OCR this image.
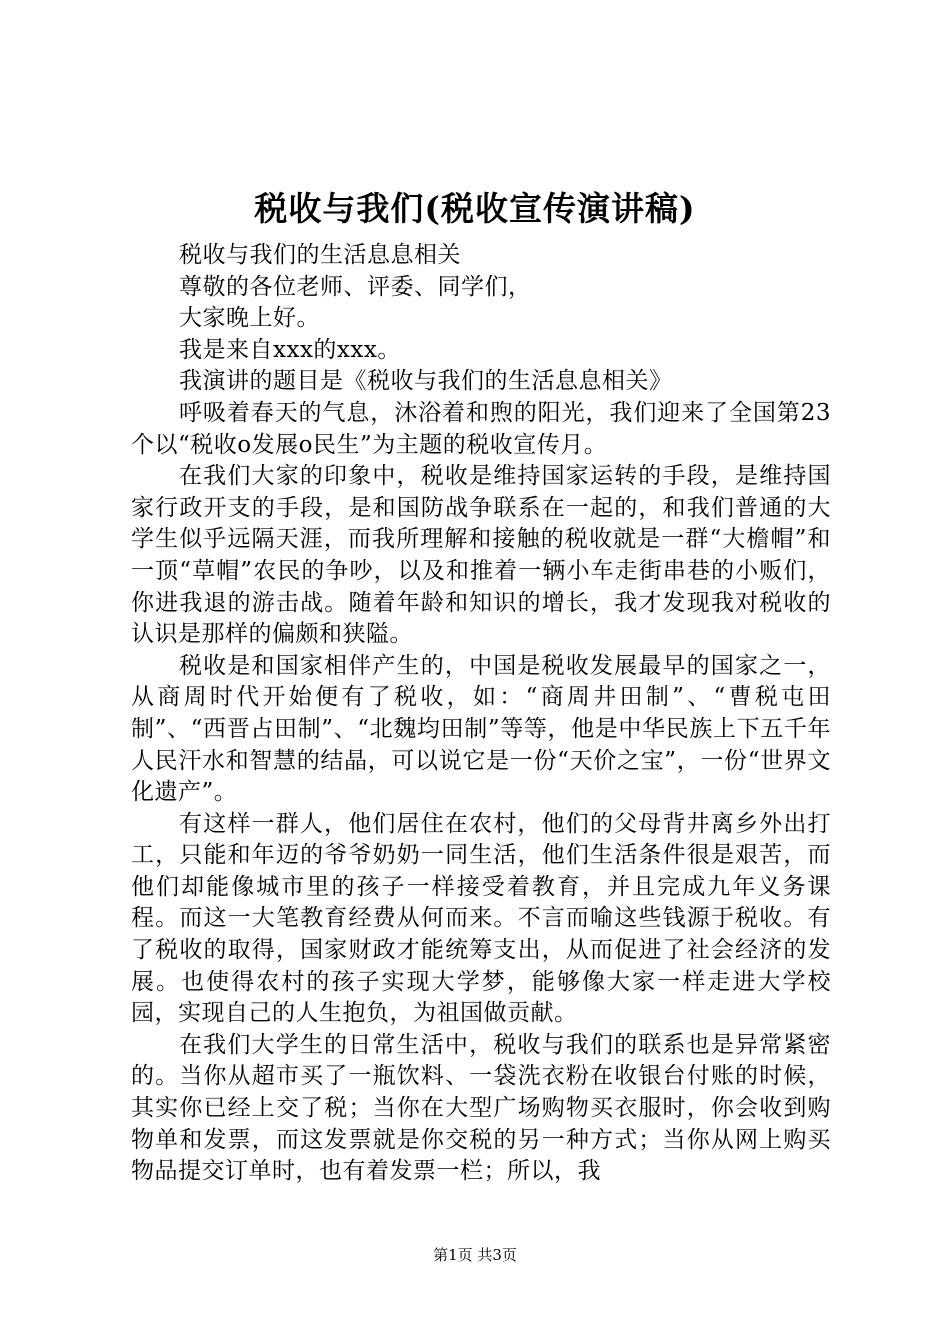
税收与我们(税收宣传演讲稿)

税收与我们的生活息息相关

尊敬的各位老师、评委、同学们，

大家晚上好。

我是来自xxx的xxx。

我演讲的题目是《税收与我们的生活息息相关》

呼吸着春天的气息，沐浴着和煦的阳光，我们迎来了全国第23个以“税收o发展o民生”为主题的税收宣传月。

在我们大家的印象中，税收是维持国家运转的手段，是维持国家行政开支的手段，是和国防战争联系在一起的，和我们普通的大学生似乎远隔天涯，而我所理解和接触的税收就是一群“大檐帽”和一顶“草帽”农民的争吵，以及和推着一辆小车走街串巷的小贩们，你进我退的游击战。随着年龄和知识的增长，我才发现我对税收的认识是那样的偏颇和狭隘。

税收是和国家相伴产生的，中国是税收发展最早的国家之一，从商周时代开始便有了税收，如：“商周井田制”、“曹税屯田制”、“西晋占田制”、“北魏均田制”等等，他是中华民族上下五千年人民汗水和智慧的结晶，可以说它是一份“天价之宝”，一份“世界文化遗产”。

有这样一群人，他们居住在农村，他们的父母背井离乡外出打工，只能和年迈的爷爷奶奶一同生活，他们生活条件很是艰苦，而他们却能像城市里的孩子一样接受着教育，并且完成九年义务课程。而这一大笔教育经费从何而来。不言而喻这些钱源于税收。有了税收的取得，国家财政才能统筹支出，从而促进了社会经济的发展。也使得农村的孩子实现大学梦，能够像大家一样走进大学校园，实现自己的人生抱负，为祖国做贡献。

在我们大学生的日常生活中，税收与我们的联系也是异常紧密的。当你从超市买了一瓶饮料、一袋洗衣粉在收银台付账的时候，其实你已经上交了税；当你在大型广场购物买衣服时，你会收到购物单和发票，而这发票就是你交税的另一种方式；当你从网上购买物品提交订单时，也有着发票一栏；所以，我

第1页 共3页
